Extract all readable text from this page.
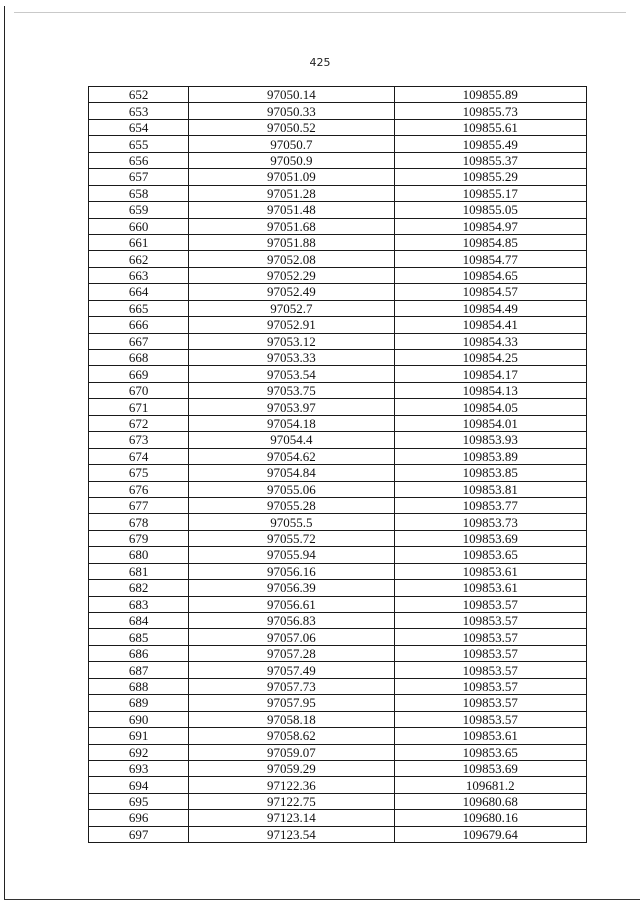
425
652	97050.14	109855.89
653	97050.33	109855.73
654	97050.52	109855.61
655	97050.7	109855.49
656	97050.9	109855.37
657	97051.09	109855.29
658	97051.28	109855.17
659	97051.48	109855.05
660	97051.68	109854.97
661	97051.88	109854.85
662	97052.08	109854.77
663	97052.29	109854.65
664	97052.49	109854.57
665	97052.7	109854.49
666	97052.91	109854.41
667	97053.12	109854.33
668	97053.33	109854.25
669	97053.54	109854.17
670	97053.75	109854.13
671	97053.97	109854.05
672	97054.18	109854.01
673	97054.4	109853.93
674	97054.62	109853.89
675	97054.84	109853.85
676	97055.06	109853.81
677	97055.28	109853.77
678	97055.5	109853.73
679	97055.72	109853.69
680	97055.94	109853.65
681	97056.16	109853.61
682	97056.39	109853.61
683	97056.61	109853.57
684	97056.83	109853.57
685	97057.06	109853.57
686	97057.28	109853.57
687	97057.49	109853.57
688	97057.73	109853.57
689	97057.95	109853.57
690	97058.18	109853.57
691	97058.62	109853.61
692	97059.07	109853.65
693	97059.29	109853.69
694	97122.36	109681.2
695	97122.75	109680.68
696	97123.14	109680.16
697	97123.54	109679.64
